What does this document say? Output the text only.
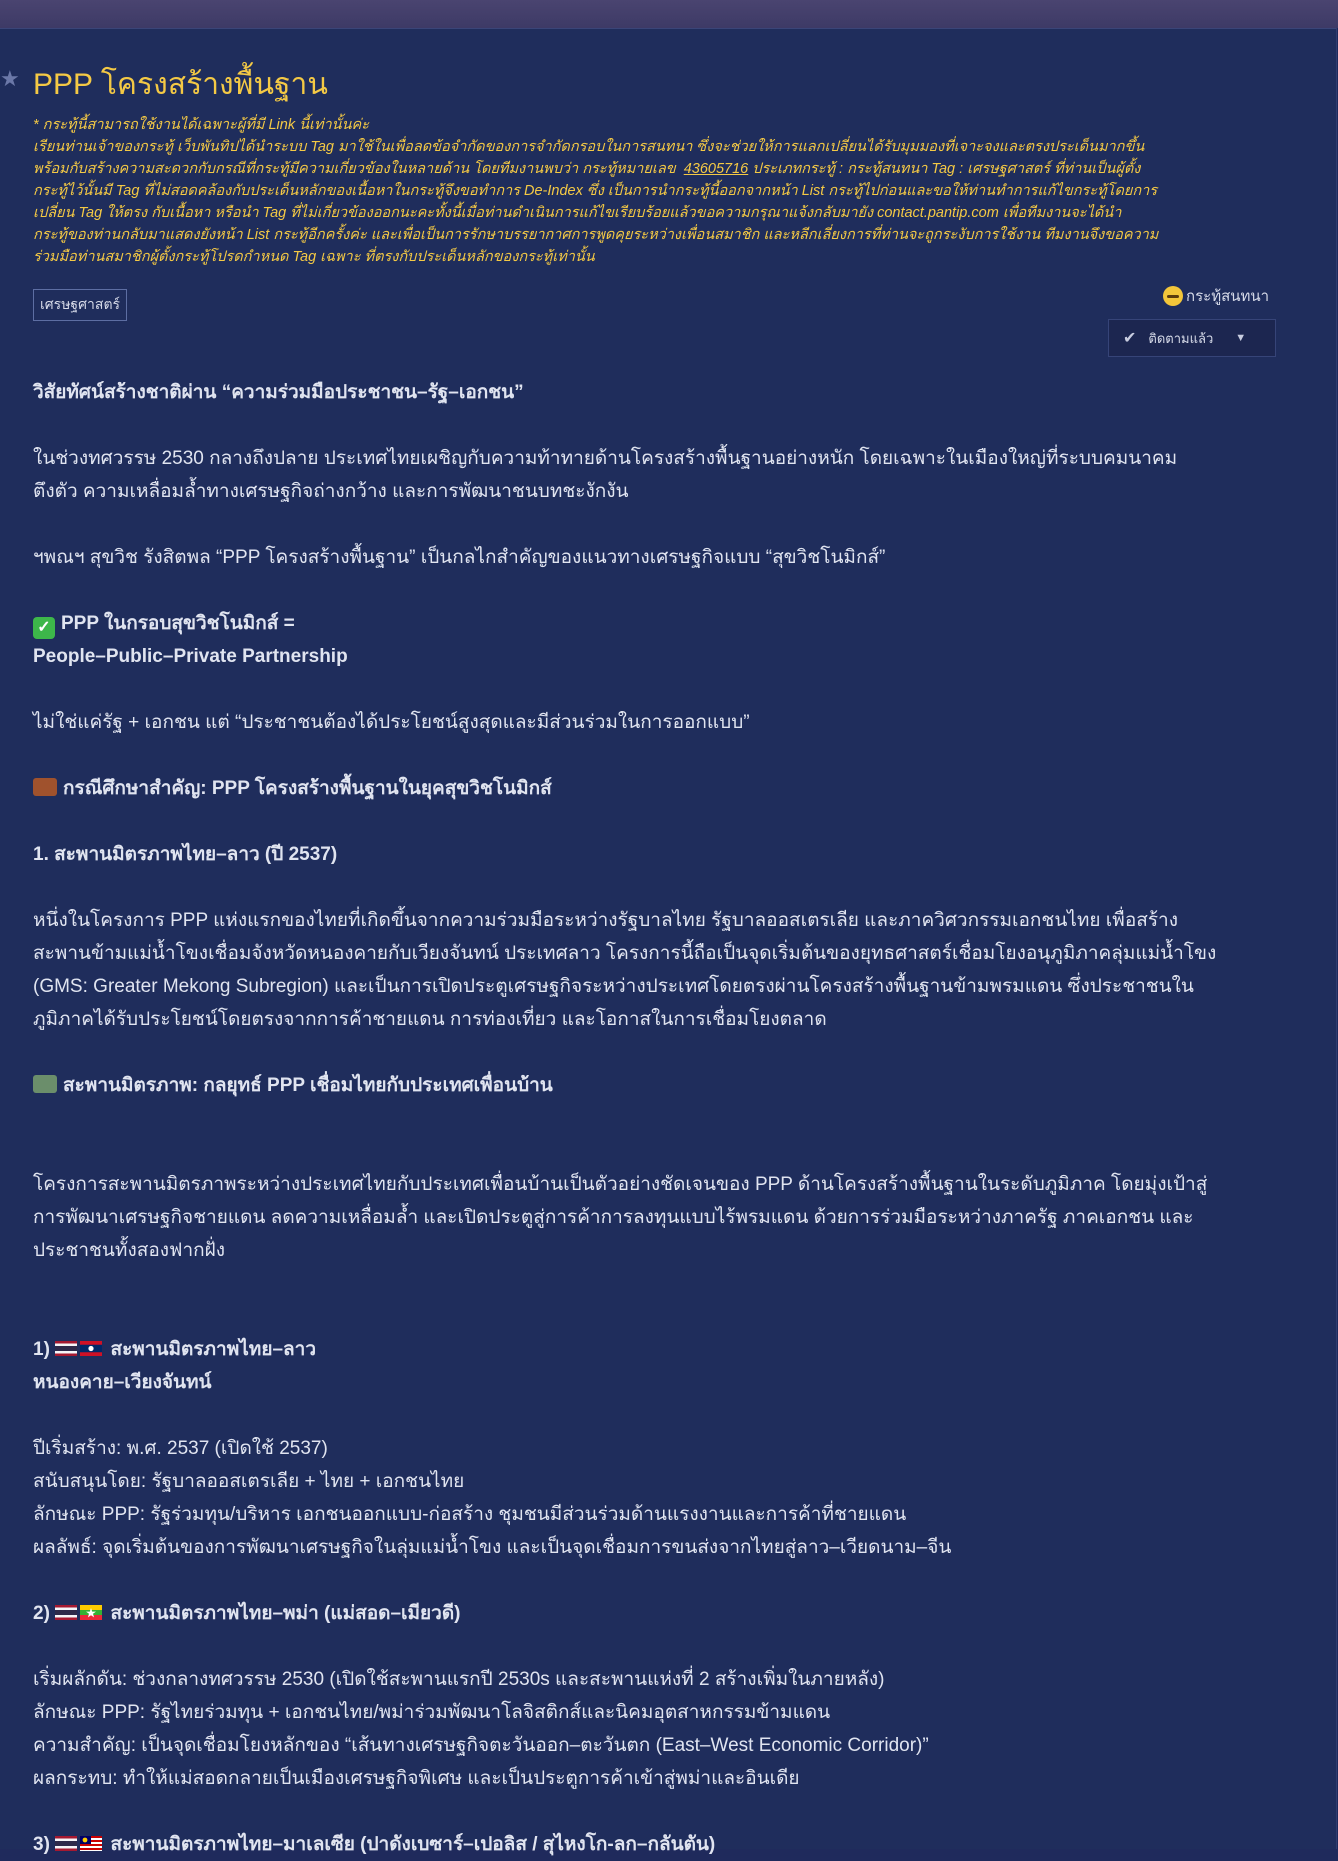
★ PPP โครงสร้างพื้นฐาน

* กระทู้นี้สามารถใช้งานได้เฉพาะผู้ที่มี Link นี้เท่านั้นค่ะ

เรียนท่านเจ้าของกระทู้ เว็บพันทิปได้นำระบบ Tag มาใช้ในเพื่อลดข้อจำกัดของการจำกัดกรอบในการสนทนา ซึ่งจะช่วยให้การแลกเปลี่ยนได้รับมุมมองที่เจาะจงและตรงประเด็นมากขึ้น

พร้อมกับสร้างความสะดวกกับกรณีที่กระทู้มีความเกี่ยวข้องในหลายด้าน โดยทีมงานพบว่า กระทู้หมายเลข 43605716 ประเภทกระทู้ : กระทู้สนทนา Tag : เศรษฐศาสตร์ ที่ท่านเป็นผู้ตั้ง

กระทู้ไว้นั้นมี Tag ที่ไม่สอดคล้องกับประเด็นหลักของเนื้อหาในกระทู้จึงขอทำการ De-Index ซึ่ง เป็นการนำกระทู้นี้ออกจากหน้า List กระทู้ไปก่อนและขอให้ท่านทำการแก้ไขกระทู้โดยการ

เปลี่ยน Tag ให้ตรง กับเนื้อหา หรือนำ Tag ที่ไม่เกี่ยวข้องออกนะคะทั้งนี้เมื่อท่านดำเนินการแก้ไขเรียบร้อยแล้วขอความกรุณาแจ้งกลับมายัง contact.pantip.com เพื่อทีมงานจะได้นำ

กระทู้ของท่านกลับมาแสดงยังหน้า List กระทู้อีกครั้งค่ะ และเพื่อเป็นการรักษาบรรยากาศการพูดคุยระหว่างเพื่อนสมาชิก และหลีกเลี่ยงการที่ท่านจะถูกระงับการใช้งาน ทีมงานจึงขอความ

ร่วมมือท่านสมาชิกผู้ตั้งกระทู้โปรดกำหนด Tag เฉพาะ ที่ตรงกับประเด็นหลักของกระทู้เท่านั้น

เศรษฐศาสตร์	กระทู้สนทนา
✔ ติดตามแล้ว ▼
วิสัยทัศน์สร้างชาติผ่าน “ความร่วมมือประชาชน–รัฐ–เอกชน”
ในช่วงทศวรรษ 2530 กลางถึงปลาย ประเทศไทยเผชิญกับความท้าทายด้านโครงสร้างพื้นฐานอย่างหนัก โดยเฉพาะในเมืองใหญ่ที่ระบบคมนาคม
ตึงตัว ความเหลื่อมล้ำทางเศรษฐกิจถ่างกว้าง และการพัฒนาชนบทชะงักงัน
ฯพณฯ สุขวิช รังสิตพล “PPP โครงสร้างพื้นฐาน” เป็นกลไกสำคัญของแนวทางเศรษฐกิจแบบ “สุขวิชโนมิกส์”
✓ PPP ในกรอบสุขวิชโนมิกส์ =
People–Public–Private Partnership
ไม่ใช่แค่รัฐ + เอกชน แต่ “ประชาชนต้องได้ประโยชน์สูงสุดและมีส่วนร่วมในการออกแบบ”
กรณีศึกษาสำคัญ: PPP โครงสร้างพื้นฐานในยุคสุขวิชโนมิกส์
1. สะพานมิตรภาพไทย–ลาว (ปี 2537)
หนึ่งในโครงการ PPP แห่งแรกของไทยที่เกิดขึ้นจากความร่วมมือระหว่างรัฐบาลไทย รัฐบาลออสเตรเลีย และภาควิศวกรรมเอกชนไทย เพื่อสร้าง
สะพานข้ามแม่น้ำโขงเชื่อมจังหวัดหนองคายกับเวียงจันทน์ ประเทศลาว โครงการนี้ถือเป็นจุดเริ่มต้นของยุทธศาสตร์เชื่อมโยงอนุภูมิภาคลุ่มแม่น้ำโขง
(GMS: Greater Mekong Subregion) และเป็นการเปิดประตูเศรษฐกิจระหว่างประเทศโดยตรงผ่านโครงสร้างพื้นฐานข้ามพรมแดน ซึ่งประชาชนใน
ภูมิภาคได้รับประโยชน์โดยตรงจากการค้าชายแดน การท่องเที่ยว และโอกาสในการเชื่อมโยงตลาด
สะพานมิตรภาพ: กลยุทธ์ PPP เชื่อมไทยกับประเทศเพื่อนบ้าน
โครงการสะพานมิตรภาพระหว่างประเทศไทยกับประเทศเพื่อนบ้านเป็นตัวอย่างชัดเจนของ PPP ด้านโครงสร้างพื้นฐานในระดับภูมิภาค โดยมุ่งเป้าสู่
การพัฒนาเศรษฐกิจชายแดน ลดความเหลื่อมล้ำ และเปิดประตูสู่การค้าการลงทุนแบบไร้พรมแดน ด้วยการร่วมมือระหว่างภาครัฐ ภาคเอกชน และ
ประชาชนทั้งสองฟากฝั่ง
1)	สะพานมิตรภาพไทย–ลาว
หนองคาย–เวียงจันทน์
ปีเริ่มสร้าง: พ.ศ. 2537 (เปิดใช้ 2537)
สนับสนุนโดย: รัฐบาลออสเตรเลีย + ไทย + เอกชนไทย
ลักษณะ PPP: รัฐร่วมทุน/บริหาร เอกชนออกแบบ-ก่อสร้าง ชุมชนมีส่วนร่วมด้านแรงงานและการค้าที่ชายแดน
ผลลัพธ์: จุดเริ่มต้นของการพัฒนาเศรษฐกิจในลุ่มแม่น้ำโขง และเป็นจุดเชื่อมการขนส่งจากไทยสู่ลาว–เวียดนาม–จีน
2)	สะพานมิตรภาพไทย–พม่า (แม่สอด–เมียวดี)
เริ่มผลักดัน: ช่วงกลางทศวรรษ 2530 (เปิดใช้สะพานแรกปี 2530s และสะพานแห่งที่ 2 สร้างเพิ่มในภายหลัง)
ลักษณะ PPP: รัฐไทยร่วมทุน + เอกชนไทย/พม่าร่วมพัฒนาโลจิสติกส์และนิคมอุตสาหกรรมข้ามแดน
ความสำคัญ: เป็นจุดเชื่อมโยงหลักของ “เส้นทางเศรษฐกิจตะวันออก–ตะวันตก (East–West Economic Corridor)”
ผลกระทบ: ทำให้แม่สอดกลายเป็นเมืองเศรษฐกิจพิเศษ และเป็นประตูการค้าเข้าสู่พม่าและอินเดีย
3)	สะพานมิตรภาพไทย–มาเลเซีย (ปาดังเบซาร์–เปอลิส / สุไหงโก-ลก–กลันตัน)
